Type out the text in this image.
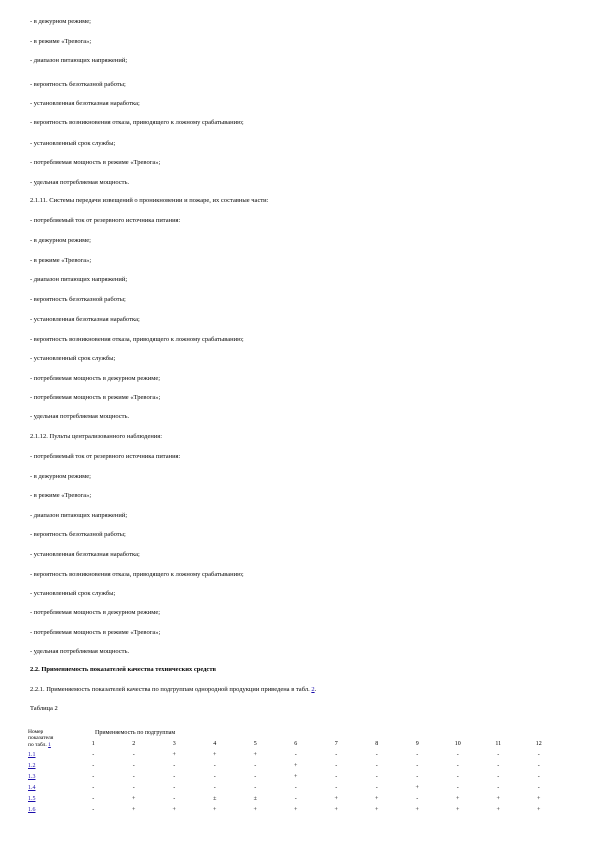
- в дежурном режиме;
- в режиме «Тревога»;
- диапазон питающих напряжений;
- вероятность безотказной работы;
- установленная безотказная наработка;
- вероятность возникновения отказа, приводящего к ложному срабатыванию;
- установленный срок службы;
- потребляемая мощность в режиме «Тревога»;
- удельная потребляемая мощность.
2.1.11. Системы передачи извещений о проникновении и пожаре, их составные части:
- потребляемый ток от резервного источника питания:
- в дежурном режиме;
- в режиме «Тревога»;
- диапазон питающих напряжений;
- вероятность безотказной работы;
- установленная безотказная наработка;
- вероятность возникновения отказа, приводящего к ложному срабатыванию;
- установленный срок службы;
- потребляемая мощность в дежурном режиме;
- потребляемая мощность в режиме «Тревога»;
- удельная потребляемая мощность.
2.1.12. Пульты централизованного наблюдения:
- потребляемый ток от резервного источника питания:
- в дежурном режиме;
- в режиме «Тревога»;
- диапазон питающих напряжений;
- вероятность безотказной работы;
- установленная безотказная наработка;
- вероятность возникновения отказа, приводящего к ложному срабатыванию;
- установленный срок службы;
- потребляемая мощность в дежурном режиме;
- потребляемая мощность в режиме «Тревога»;
- удельная потребляемая мощность.
2.2. Применяемость показателей качества технических средств
2.2.1. Применяемость показателей качества по подгруппам однородной продукции приведена в табл. 2.
Таблица 2
Номер
показателя
по табл. 1	Применяемость по подгруппам											
	1	2	3	4	5	6	7	8	9	10	11	12
1.1	-	-	+	+	+	-	-	-	-	-	-	-
1.2	-	-	-	-	-	+	-	-	-	-	-	-
1.3	-	-	-	-	-	+	-	-	-	-	-	-
1.4	-	-	-	-	-	-	-	-	+	-	-	-
1.5	-	+	-	±	±	-	+	+	-	+	+	+
1.6	-	+	+	+	+	+	+	+	+	+	+	+
